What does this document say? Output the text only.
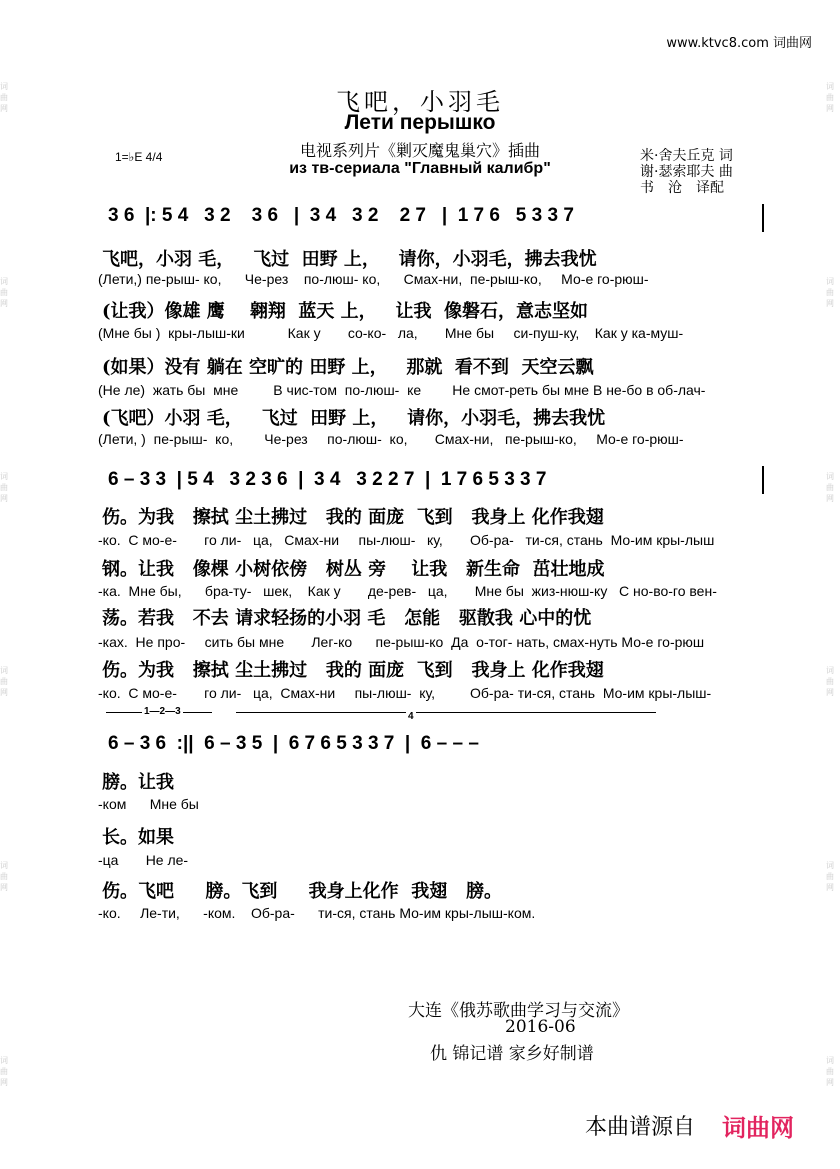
词曲网
词曲网
词曲网
词曲网
词曲网
词曲网
词曲网
词曲网
词曲网
词曲网
词曲网
词曲网
www.ktvc8.com 词曲网
飞吧，小羽毛
Лети перышко
1=♭E 4/4	电视系列片《剿灭魔鬼巢穴》插曲
из тв-сериала "Главный калибр"
米·舍夫丘克 词
谢·瑟索耶夫 曲
书　沧　译配
3 6  |: 5 4   3 2    3 6   |  3 4   3 2    2 7   |  1 7 6   5 3 3 7
飞吧，小羽 毛，   飞过  田野 上，   请你，小羽毛，拂去我忧
(Лети,) пе-рыш- ко,      Че-рез    по-люш- ко,      Смах-ни,  пе-рыш-ко,     Мо-е го-рюш-
(让我）像雄 鹰    翱翔  蓝天 上，   让我  像磐石，意志坚如
(Мне бы )  кры-лыш-ки           Как у       со-ко-   ла,       Мне бы     си-пуш-ку,    Как у ка-муш-
(如果）没有 躺在 空旷的 田野 上，   那就  看不到  天空云飘
(Не ле)  жать бы  мне         В чис-том  по-люш-  ке        Не смот-реть бы мне В не-бо в об-лач-
(飞吧）小羽 毛，   飞过  田野 上，   请你，小羽毛，拂去我忧
(Лети, )  пе-рыш-  ко,        Че-рез     по-люш-  ко,       Смах-ни,   пе-рыш-ко,     Мо-е го-рюш-
6 – 3 3  | 5 4   3 2 3 6  |  3 4   3 2 2 7  |  1 7 6 5 3 3 7
伤。为我   擦拭 尘土拂过   我的 面庞  飞到   我身上 化作我翅
-ко.  С мо-е-       го ли-   ца,   Смах-ни     пы-люш-   ку,       Об-ра-   ти-ся, стань  Мо-им кры-лыш
钢。让我   像棵 小树依傍   树丛 旁    让我   新生命  茁壮地成
-ка.  Мне бы,      бра-ту-   шек,    Как у       де-рев-   ца,       Мне бы  жиз-нюш-ку   С но-во-го вен-
荡。若我   不去 请求轻扬的小羽 毛   怎能   驱散我 心中的忧
-ках.  Не про-     сить бы мне       Лег-ко      пе-рыш-ко  Да  о-тог- нать, смах-нуть Мо-е го-рюш
伤。为我   擦拭 尘土拂过   我的 面庞  飞到   我身上 化作我翅
-ко.  С мо-е-       го ли-   ца,  Смах-ни     пы-люш-  ку,         Об-ра- ти-ся, стань  Мо-им кры-лыш-
1—2—3	4
6 – 3 6  :||  6 – 3 5  |  6 7 6 5 3 3 7  |  6 – – –
膀。让我
-ком      Мне бы
长。如果
-ца       Не ле-
伤。飞吧     膀。飞到     我身上化作  我翅   膀。
-ко.     Ле-ти,      -ком.    Об-ра-      ти-ся, стань Мо-им кры-лыш-ком.
大连《俄苏歌曲学习与交流》
2016-06
仇 锦记谱 家乡好制谱
本曲谱源自 词曲网
